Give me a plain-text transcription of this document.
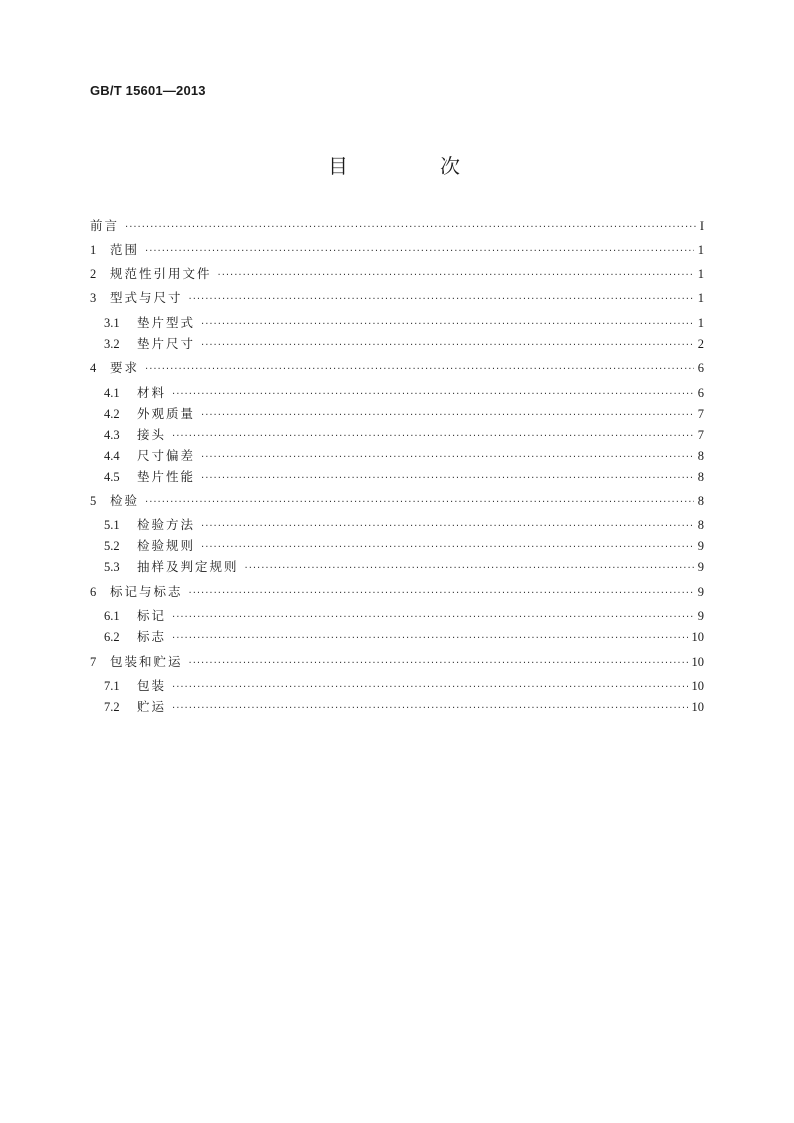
GB/T 15601—2013
目　次
前言 ·····	I
1	范围 ·····	1
2	规范性引用文件 ·····	1
3	型式与尺寸 ·····	1
3.1	垫片型式 ·····	1
3.2	垫片尺寸 ·····	2
4	要求 ·····	6
4.1	材料 ·····	6
4.2	外观质量 ·····	7
4.3	接头 ·····	7
4.4	尺寸偏差 ·····	8
4.5	垫片性能 ·····	8
5	检验 ·····	8
5.1	检验方法 ·····	8
5.2	检验规则 ·····	9
5.3	抽样及判定规则 ·····	9
6	标记与标志 ·····	9
6.1	标记 ·····	9
6.2	标志 ·····	10
7	包装和贮运 ·····	10
7.1	包装 ·····	10
7.2	贮运 ·····	10
